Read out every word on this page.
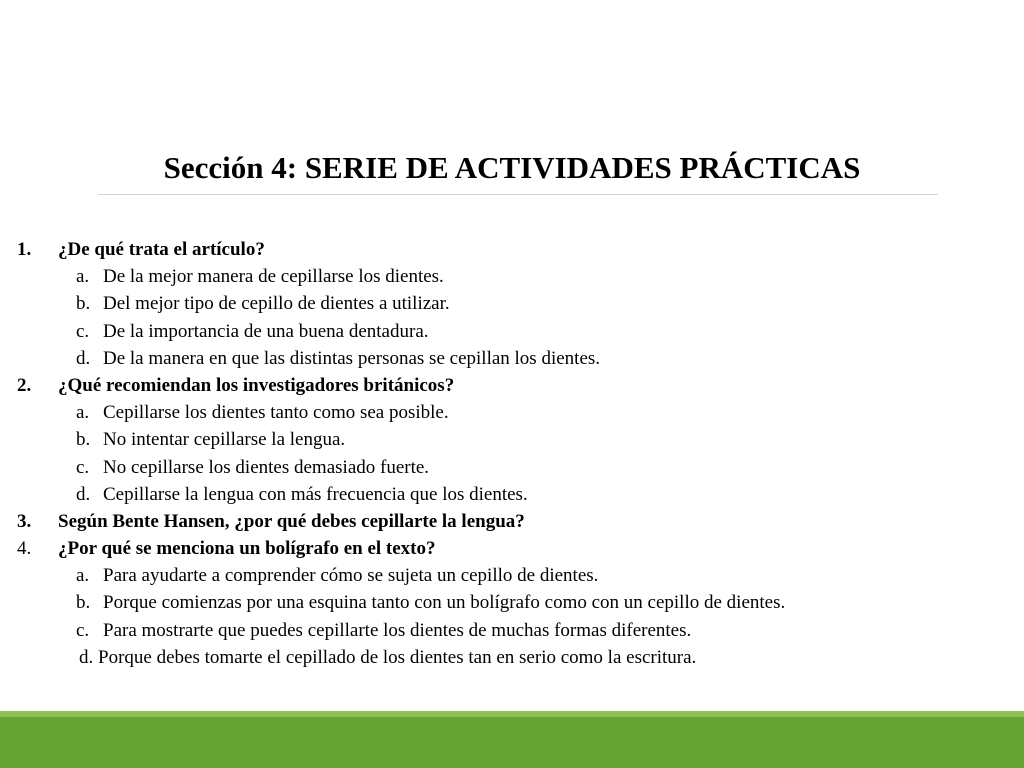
Sección 4: SERIE DE ACTIVIDADES PRÁCTICAS
1. ¿De qué trata el artículo?
a. De la mejor manera de cepillarse los dientes.
b. Del mejor tipo de cepillo de dientes a utilizar.
c. De la importancia de una buena dentadura.
d. De la manera en que las distintas personas se cepillan los dientes.
2. ¿Qué recomiendan los investigadores británicos?
a. Cepillarse los dientes tanto como sea posible.
b. No intentar cepillarse la lengua.
c. No cepillarse los dientes demasiado fuerte.
d. Cepillarse la lengua con más frecuencia que los dientes.
3. Según Bente Hansen, ¿por qué debes cepillarte la lengua?
4. ¿Por qué se menciona un bolígrafo en el texto?
a. Para ayudarte a comprender cómo se sujeta un cepillo de dientes.
b. Porque comienzas por una esquina tanto con un bolígrafo como con un cepillo de dientes.
c. Para mostrarte que puedes cepillarte los dientes de muchas formas diferentes.
d. Porque debes tomarte el cepillado de los dientes tan en serio como la escritura.
